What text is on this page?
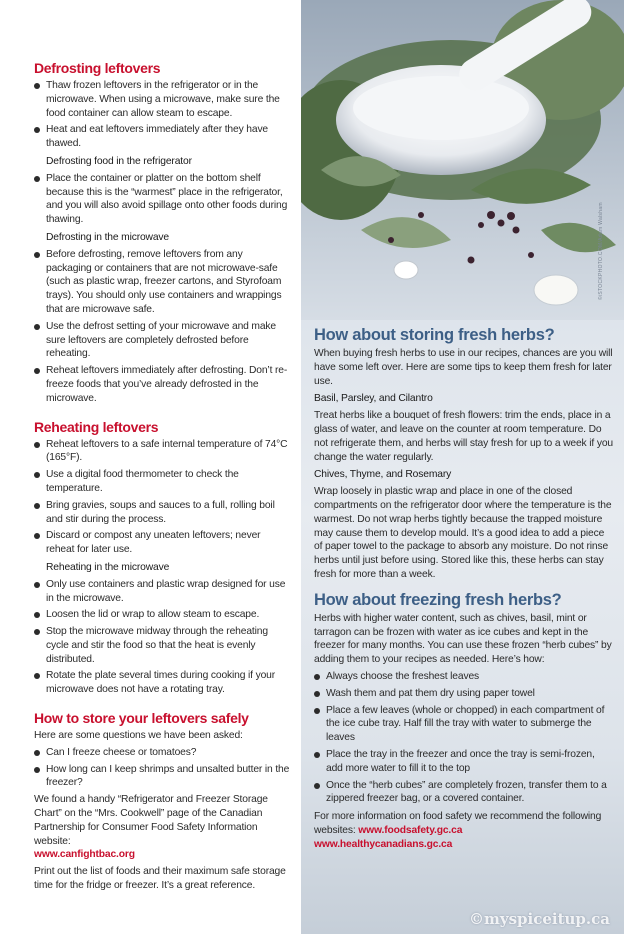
Defrosting leftovers
Thaw frozen leftovers in the refrigerator or in the microwave. When using a microwave, make sure the food container can allow steam to escape.
Heat and eat leftovers immediately after they have thawed.
Defrosting food in the refrigerator
Place the container or platter on the bottom shelf because this is the “warmest” place in the refrigerator, and you will also avoid spillage onto other foods during thawing.
Defrosting in the microwave
Before defrosting, remove leftovers from any packaging or containers that are not microwave-safe (such as plastic wrap, freezer cartons, and Styrofoam trays). You should only use containers and wrappings that are microwave safe.
Use the defrost setting of your microwave and make sure leftovers are completely defrosted before reheating.
Reheat leftovers immediately after defrosting. Don’t re-freeze foods that you’ve already defrosted in the microwave.
Reheating leftovers
Reheat leftovers to a safe internal temperature of 74°C (165°F).
Use a digital food thermometer to check the temperature.
Bring gravies, soups and sauces to a full, rolling boil and stir during the process.
Discard or compost any uneaten leftovers; never reheat for later use.
Reheating in the microwave
Only use containers and plastic wrap designed for use in the microwave.
Loosen the lid or wrap to allow steam to escape.
Stop the microwave midway through the reheating cycle and stir the food so that the heat is evenly distributed.
Rotate the plate several times during cooking if your microwave does not have a rotating tray.
How to store your leftovers safely

Here are some questions we have been asked:

Can I freeze cheese or tomatoes?
How long can I keep shrimps and unsalted butter in the freezer?

We found a handy “Refrigerator and Freezer Storage Chart” on the “Mrs. Cookwell” page of the Canadian Partnership for Consumer Food Safety Information website:

www.canfightbac.org

Print out the list of foods and their maximum safe storage time for the fridge or freezer. It’s a great reference.

©iSTOCKPHOTO.COM/Adam Walsham
How about storing fresh herbs?

When buying fresh herbs to use in our recipes, chances are you will have some left over. Here are some tips to keep them fresh for later use.

Basil, Parsley, and Cilantro

Treat herbs like a bouquet of fresh flowers: trim the ends, place in a glass of water, and leave on the counter at room temperature. Do not refrigerate them, and herbs will stay fresh for up to a week if you change the water regularly.

Chives, Thyme, and Rosemary

Wrap loosely in plastic wrap and place in one of the closed compartments on the refrigerator door where the temperature is the warmest. Do not wrap herbs tightly because the trapped moisture may cause them to develop mould. It’s a good idea to add a piece of paper towel to the package to absorb any moisture. Do not rinse herbs until just before using. Stored like this, these herbs can stay fresh for more than a week.

How about freezing fresh herbs?

Herbs with higher water content, such as chives, basil, mint or tarragon can be frozen with water as ice cubes and kept in the freezer for many months. You can use these frozen “herb cubes” by adding them to your recipes as needed. Here’s how:

Always choose the freshest leaves
Wash them and pat them dry using paper towel
Place a few leaves (whole or chopped) in each compartment of the ice cube tray. Half fill the tray with water to submerge the leaves
Place the tray in the freezer and once the tray is semi-frozen, add more water to fill it to the top
Once the “herb cubes” are completely frozen, transfer them to a zippered freezer bag, or a covered container.

For more information on food safety we recommend the following websites: www.foodsafety.gc.ca
www.healthycanadians.gc.ca

©myspiceitup.ca
